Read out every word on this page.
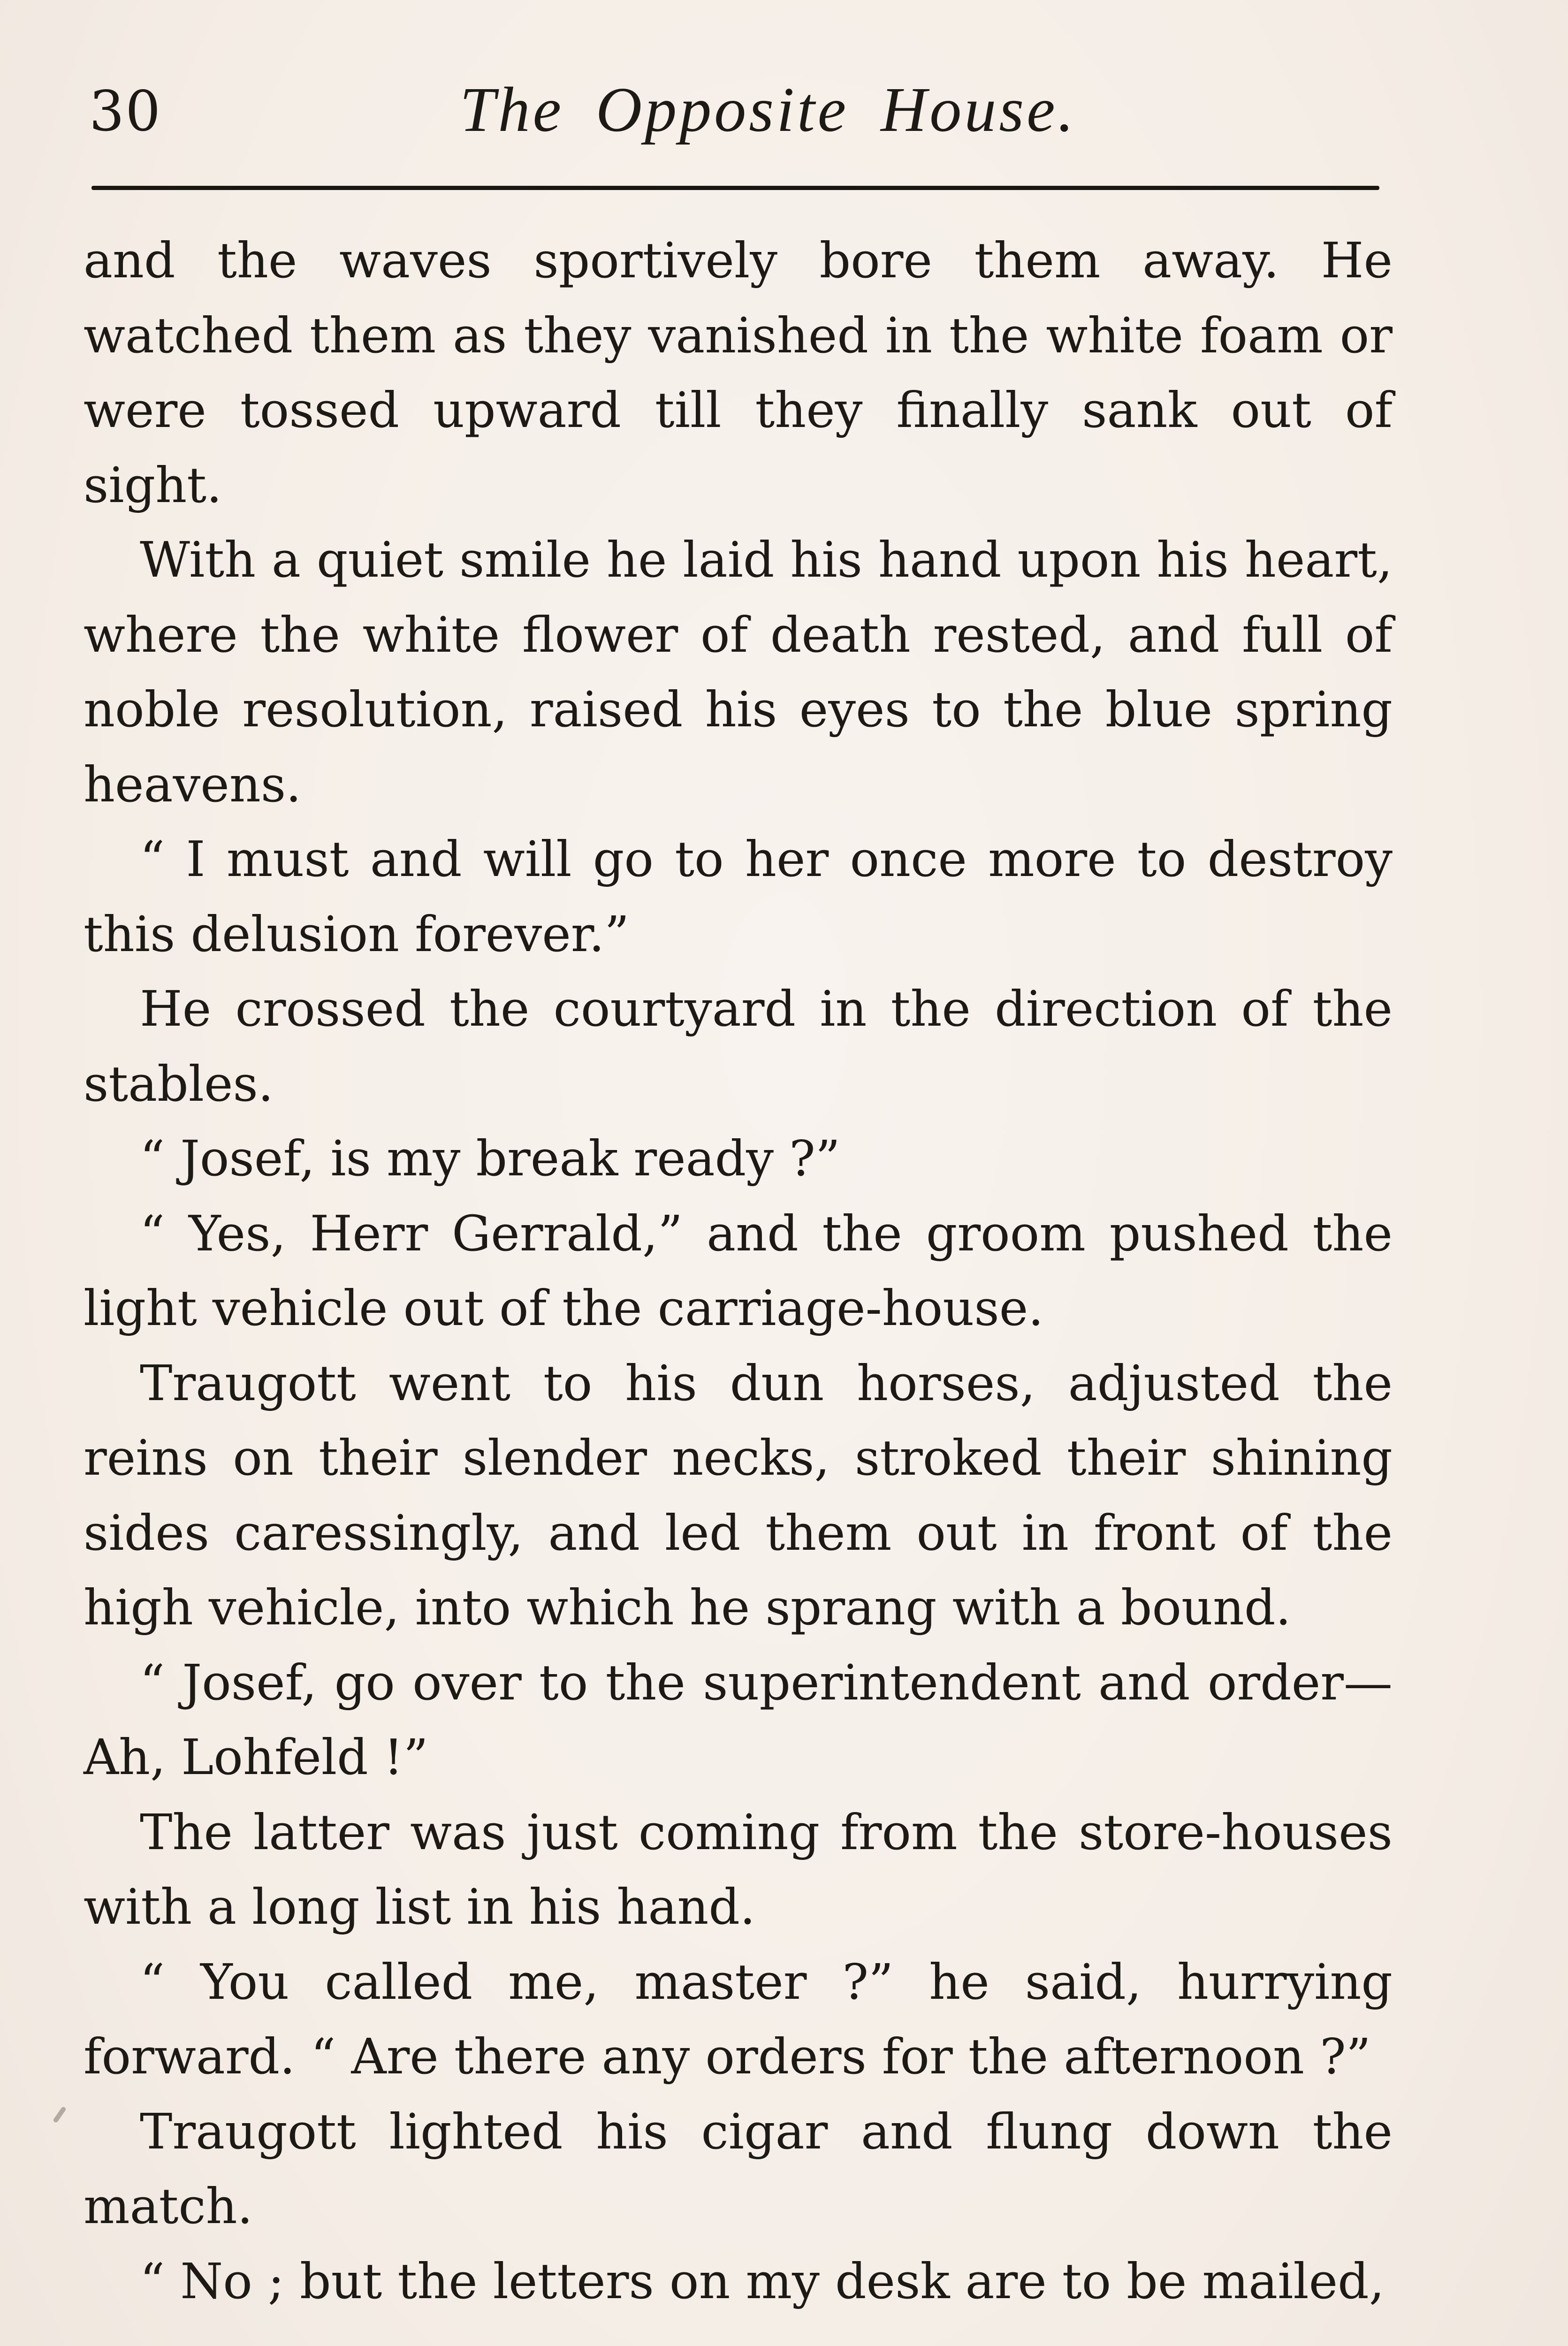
30	The Opposite House.

and the waves sportively bore them away. He watched them as they vanished in the white foam or were tossed upward till they finally sank out of sight.

With a quiet smile he laid his hand upon his heart, where the white flower of death rested, and full of noble resolution, raised his eyes to the blue spring heavens.

“ I must and will go to her once more to destroy this delusion forever.”

He crossed the courtyard in the direction of the stables.

“ Josef, is my break ready ?”

“ Yes, Herr Gerrald,” and the groom pushed the light vehicle out of the carriage-house.

Traugott went to his dun horses, adjusted the reins on their slender necks, stroked their shining sides caressingly, and led them out in front of the high vehicle, into which he sprang with a bound.

“ Josef, go over to the superintendent and order— Ah, Lohfeld !”

The latter was just coming from the store-houses with a long list in his hand.

“ You called me, master ?” he said, hurrying forward. “ Are there any orders for the afternoon ?”

Traugott lighted his cigar and flung down the match.

“ No ; but the letters on my desk are to be mailed,
